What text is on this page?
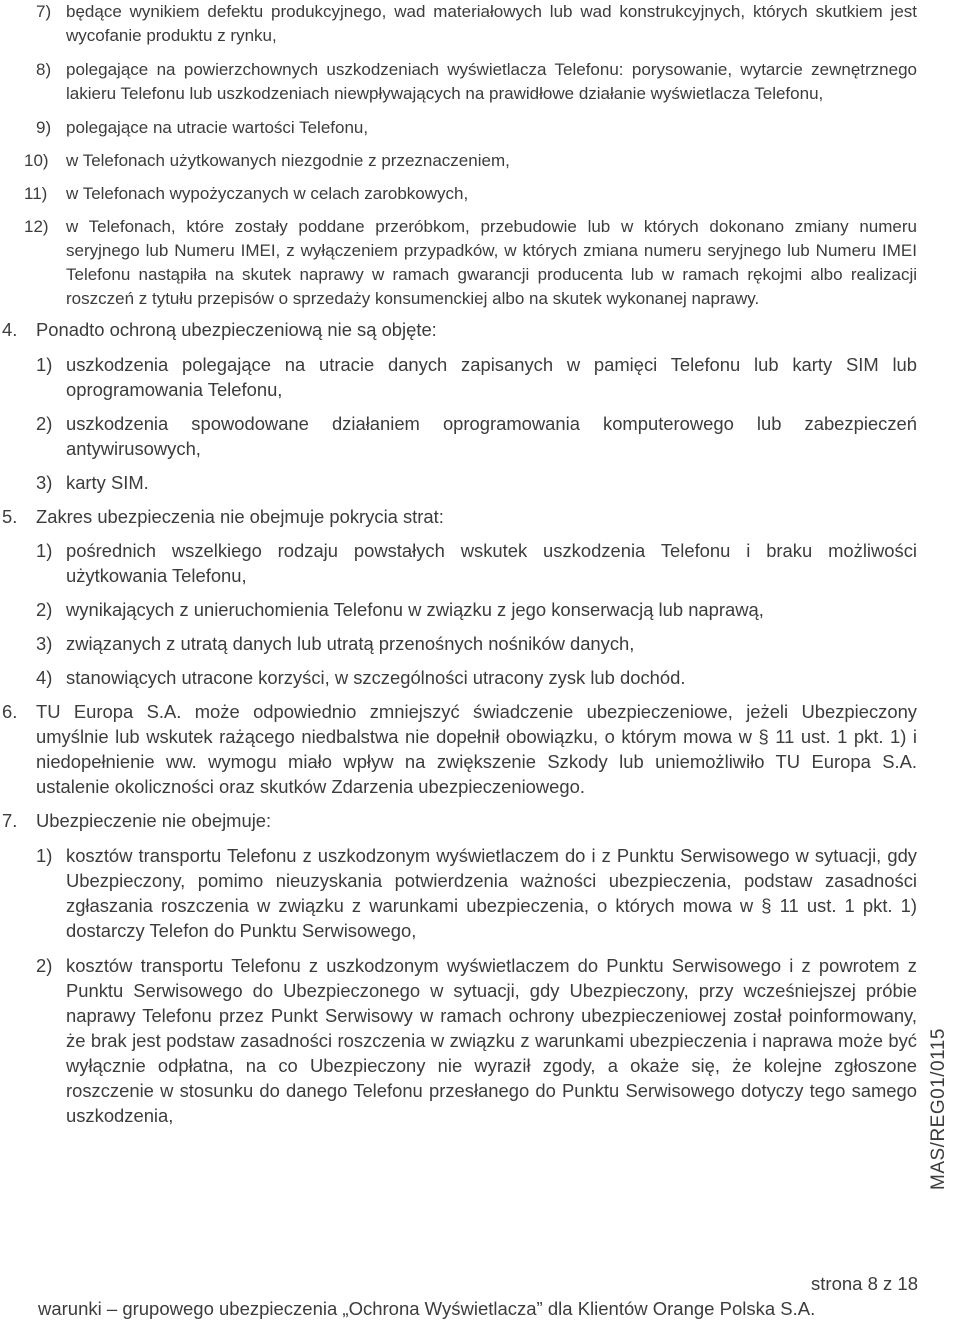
7) będące wynikiem defektu produkcyjnego, wad materiałowych lub wad konstrukcyjnych, których skutkiem jest wycofanie produktu z rynku,
8) polegające na powierzchownych uszkodzeniach wyświetlacza Telefonu: porysowanie, wytarcie zewnętrznego lakieru Telefonu lub uszkodzeniach niewpływających na prawidłowe działanie wyświetlacza Telefonu,
9) polegające na utracie wartości Telefonu,
10) w Telefonach użytkowanych niezgodnie z przeznaczeniem,
11) w Telefonach wypożyczanych w celach zarobkowych,
12) w Telefonach, które zostały poddane przeróbkom, przebudowie lub w których dokonano zmiany numeru seryjnego lub Numeru IMEI, z wyłączeniem przypadków, w których zmiana numeru seryjnego lub Numeru IMEI Telefonu nastąpiła na skutek naprawy w ramach gwarancji producenta lub w ramach rękojmi albo realizacji roszczeń z tytułu przepisów o sprzedaży konsumenckiej albo na skutek wykonanej naprawy.
4. Ponadto ochroną ubezpieczeniową nie są objęte:
1) uszkodzenia polegające na utracie danych zapisanych w pamięci Telefonu lub karty SIM lub oprogramowania Telefonu,
2) uszkodzenia spowodowane działaniem oprogramowania komputerowego lub zabezpieczeń antywirusowych,
3) karty SIM.
5. Zakres ubezpieczenia nie obejmuje pokrycia strat:
1) pośrednich wszelkiego rodzaju powstałych wskutek uszkodzenia Telefonu i braku możliwości użytkowania Telefonu,
2) wynikających z unieruchomienia Telefonu w związku z jego konserwacją lub naprawą,
3) związanych z utratą danych lub utratą przenośnych nośników danych,
4) stanowiących utracone korzyści, w szczególności utracony zysk lub dochód.
6. TU Europa S.A. może odpowiednio zmniejszyć świadczenie ubezpieczeniowe, jeżeli Ubezpieczony umyślnie lub wskutek rażącego niedbalstwa nie dopełnił obowiązku, o którym mowa w § 11 ust. 1 pkt. 1) i niedopełnienie ww. wymogu miało wpływ na zwiększenie Szkody lub uniemożliwiło TU Europa S.A. ustalenie okoliczności oraz skutków Zdarzenia ubezpieczeniowego.
7. Ubezpieczenie nie obejmuje:
1) kosztów transportu Telefonu z uszkodzonym wyświetlaczem do i z Punktu Serwisowego w sytuacji, gdy Ubezpieczony, pomimo nieuzyskania potwierdzenia ważności ubezpieczenia, podstaw zasadności zgłaszania roszczenia w związku z warunkami ubezpieczenia, o których mowa w § 11 ust. 1 pkt. 1) dostarczy Telefon do Punktu Serwisowego,
2) kosztów transportu Telefonu z uszkodzonym wyświetlaczem do Punktu Serwisowego i z powrotem z Punktu Serwisowego do Ubezpieczonego w sytuacji, gdy Ubezpieczony, przy wcześniejszej próbie naprawy Telefonu przez Punkt Serwisowy w ramach ochrony ubezpieczeniowej został poinformowany, że brak jest podstaw zasadności roszczenia w związku z warunkami ubezpieczenia i naprawa może być wyłącznie odpłatna, na co Ubezpieczony nie wyraził zgody, a okaże się, że kolejne zgłoszone roszczenie w stosunku do danego Telefonu przesłanego do Punktu Serwisowego dotyczy tego samego uszkodzenia,	MAS/REG01/0115
strona 8 z 18
warunki – grupowego ubezpieczenia „Ochrona Wyświetlacza” dla Klientów Orange Polska S.A.
